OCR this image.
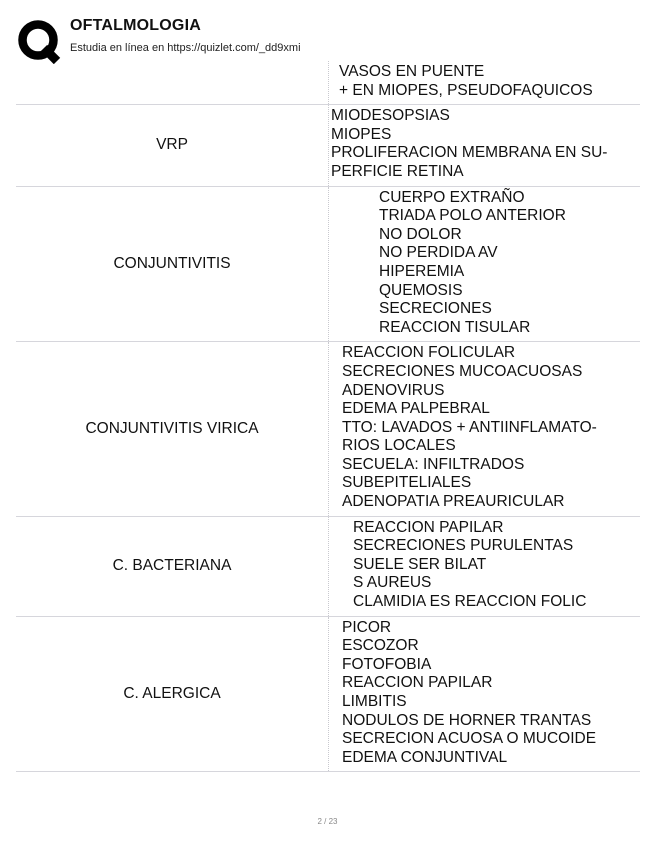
OFTALMOLOGIA
Estudia en línea en https://quizlet.com/_dd9xmi
VASOS EN PUENTE
+ EN MIOPES, PSEUDOFAQUICOS
VRP
MIODESOPSIAS
MIOPES
PROLIFERACION MEMBRANA EN SU-
PERFICIE RETINA
CONJUNTIVITIS
CUERPO EXTRAÑO
TRIADA POLO ANTERIOR
NO DOLOR
NO PERDIDA AV
HIPEREMIA
QUEMOSIS
SECRECIONES
REACCION TISULAR
CONJUNTIVITIS VIRICA
REACCION FOLICULAR
SECRECIONES MUCOACUOSAS
ADENOVIRUS
EDEMA PALPEBRAL
TTO: LAVADOS + ANTIINFLAMATO-
RIOS LOCALES
SECUELA: INFILTRADOS
SUBEPITELIALES
ADENOPATIA PREAURICULAR
C. BACTERIANA
REACCION PAPILAR
SECRECIONES PURULENTAS
SUELE SER BILAT
S AUREUS
CLAMIDIA ES REACCION FOLIC
C. ALERGICA
PICOR
ESCOZOR
FOTOFOBIA
REACCION PAPILAR
LIMBITIS
NODULOS DE HORNER TRANTAS
SECRECION ACUOSA O MUCOIDE
EDEMA CONJUNTIVAL
2 / 23
